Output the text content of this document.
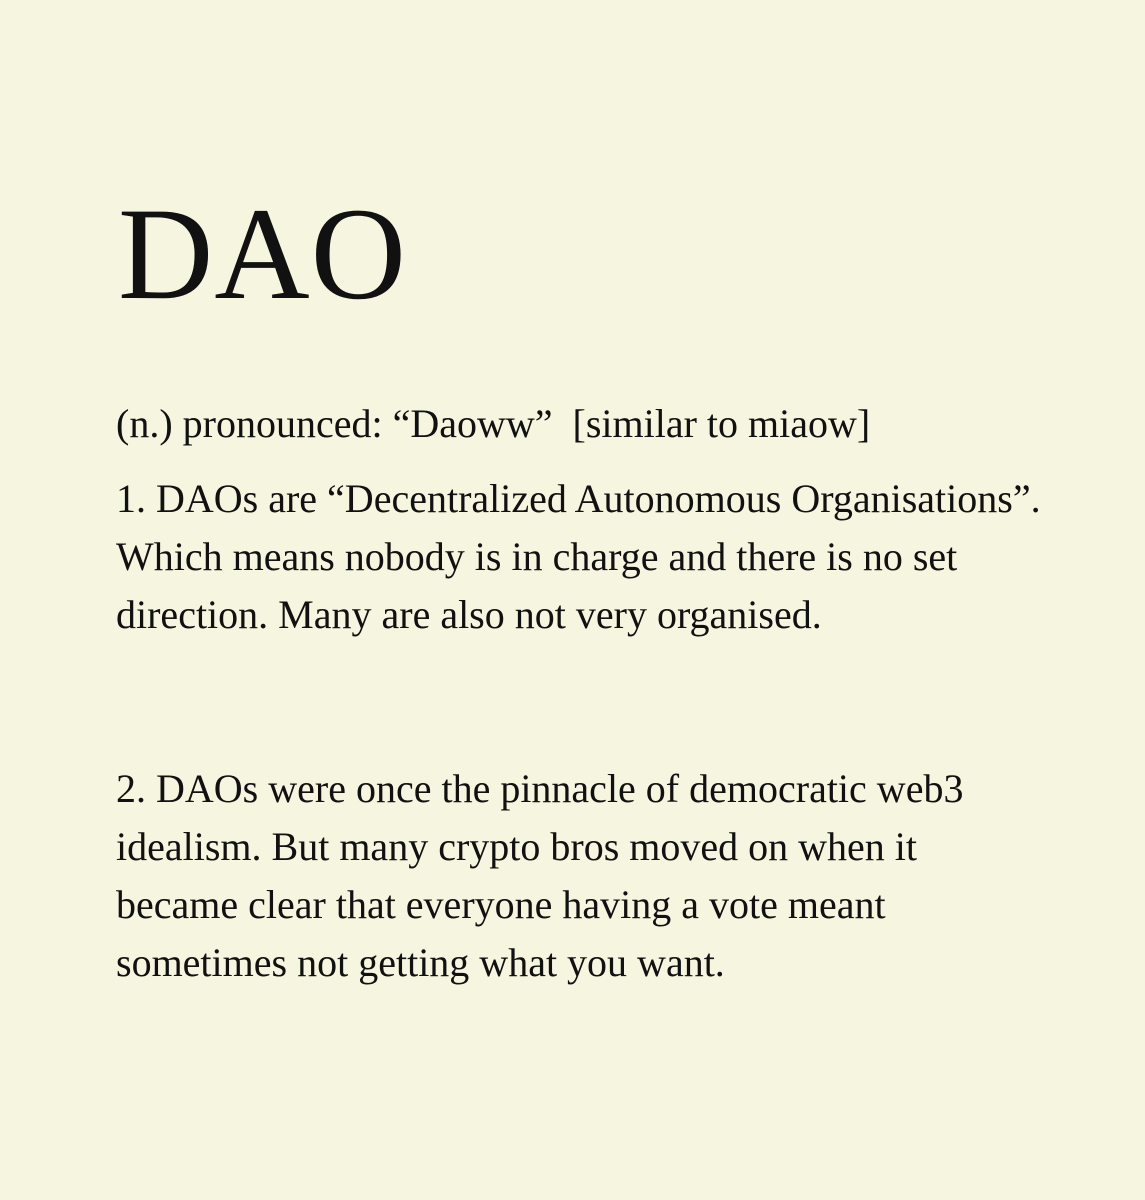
DAO

(n.) pronounced: “Daoww”  [similar to miaow]

1. DAOs are “Decentralized Autonomous Organisations”. Which means nobody is in charge and there is no set direction. Many are also not very organised.

2. DAOs were once the pinnacle of democratic web3 idealism. But many crypto bros moved on when it became clear that everyone having a vote meant sometimes not getting what you want.
